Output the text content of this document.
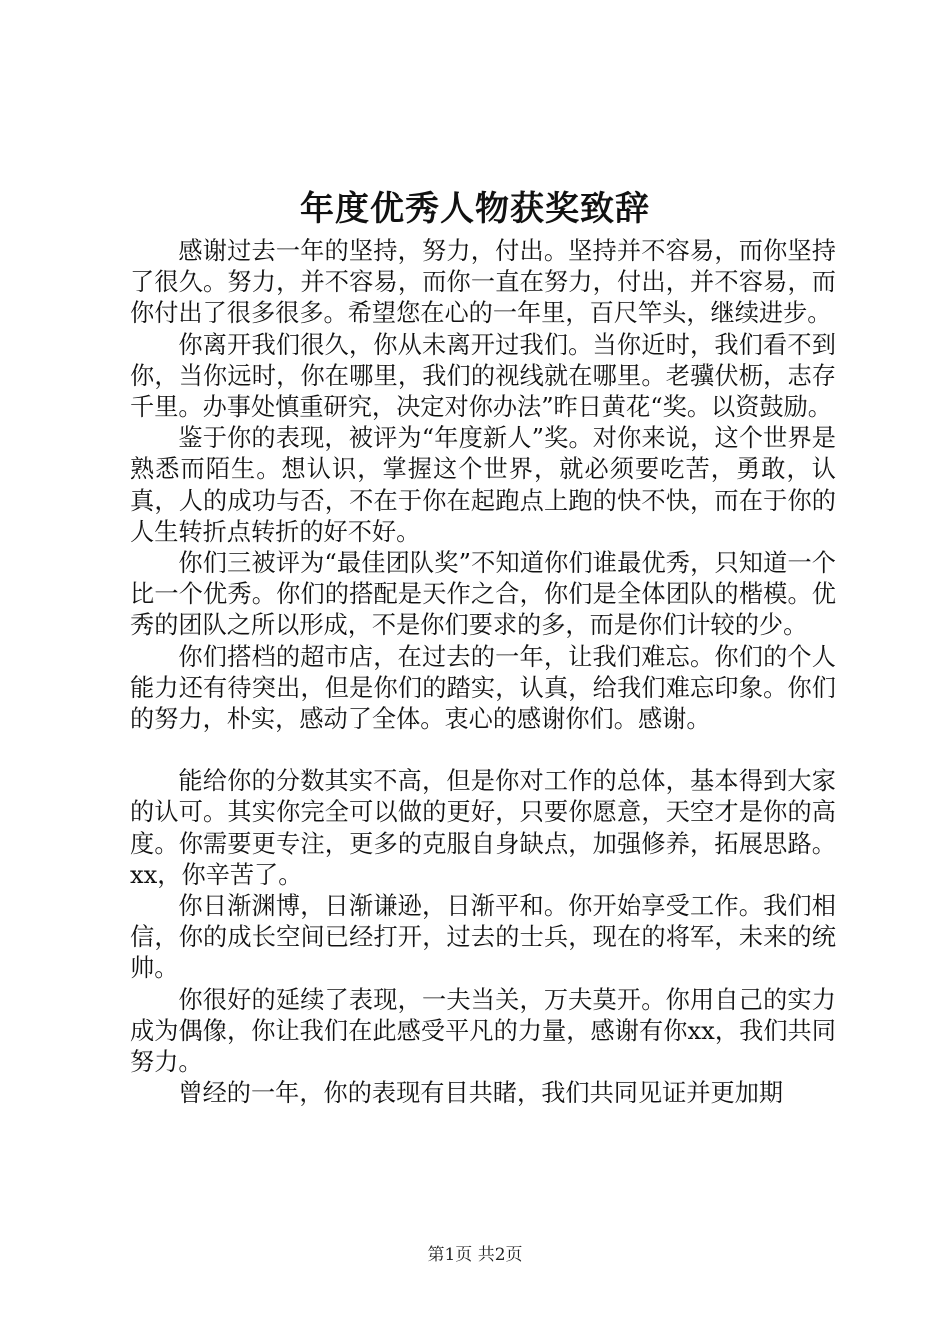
年度优秀人物获奖致辞

感谢过去一年的坚持，努力，付出。坚持并不容易，而你坚持了很久。努力，并不容易，而你一直在努力，付出，并不容易，而你付出了很多很多。希望您在心的一年里，百尺竿头，继续进步。

你离开我们很久，你从未离开过我们。当你近时，我们看不到你，当你远时，你在哪里，我们的视线就在哪里。老骥伏枥，志存千里。办事处慎重研究，决定对你办法”昨日黄花“奖。以资鼓励。

鉴于你的表现，被评为“年度新人”奖。对你来说，这个世界是熟悉而陌生。想认识，掌握这个世界，就必须要吃苦，勇敢，认真，人的成功与否，不在于你在起跑点上跑的快不快，而在于你的人生转折点转折的好不好。

你们三被评为“最佳团队奖”不知道你们谁最优秀，只知道一个比一个优秀。你们的搭配是天作之合，你们是全体团队的楷模。优秀的团队之所以形成，不是你们要求的多，而是你们计较的少。

你们搭档的超市店，在过去的一年，让我们难忘。你们的个人能力还有待突出，但是你们的踏实，认真，给我们难忘印象。你们的努力，朴实，感动了全体。衷心的感谢你们。感谢。

能给你的分数其实不高，但是你对工作的总体，基本得到大家的认可。其实你完全可以做的更好，只要你愿意，天空才是你的高度。你需要更专注，更多的克服自身缺点，加强修养，拓展思路。xx，你辛苦了。

你日渐渊博，日渐谦逊，日渐平和。你开始享受工作。我们相信，你的成长空间已经打开，过去的士兵，现在的将军，未来的统帅。

你很好的延续了表现，一夫当关，万夫莫开。你用自己的实力成为偶像，你让我们在此感受平凡的力量，感谢有你xx，我们共同努力。

曾经的一年，你的表现有目共睹，我们共同见证并更加期

第1页 共2页
